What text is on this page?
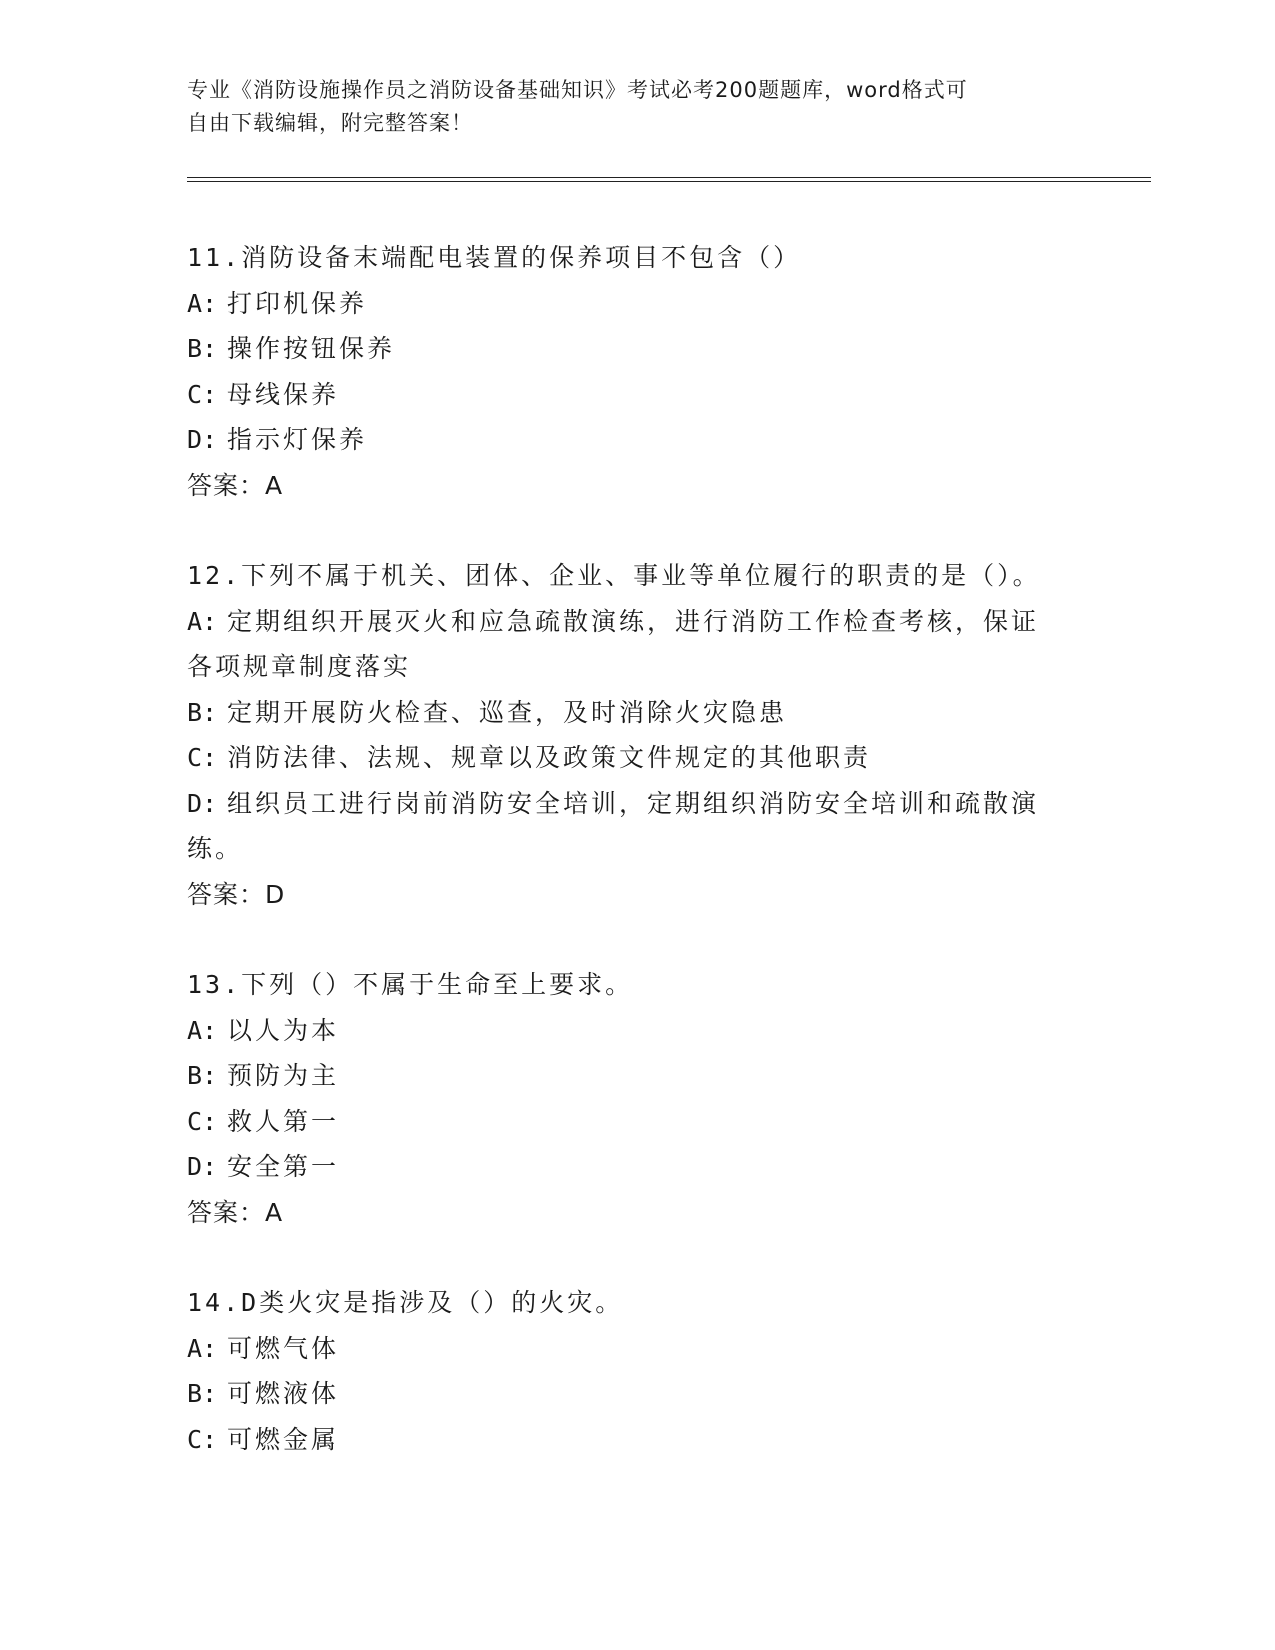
专业《消防设施操作员之消防设备基础知识》考试必考200题题库，word格式可
自由下载编辑，附完整答案！
11.消防设备末端配电装置的保养项目不包含（）
A: 打印机保养
B: 操作按钮保养
C: 母线保养
D: 指示灯保养
答案：A
12.下列不属于机关、团体、企业、事业等单位履行的职责的是（）。
A: 定期组织开展灭火和应急疏散演练，进行消防工作检查考核，保证
各项规章制度落实
B: 定期开展防火检查、巡查，及时消除火灾隐患
C: 消防法律、法规、规章以及政策文件规定的其他职责
D: 组织员工进行岗前消防安全培训，定期组织消防安全培训和疏散演
练。
答案：D
13.下列（）不属于生命至上要求。
A: 以人为本
B: 预防为主
C: 救人第一
D: 安全第一
答案：A
14.D类火灾是指涉及（）的火灾。
A: 可燃气体
B: 可燃液体
C: 可燃金属
